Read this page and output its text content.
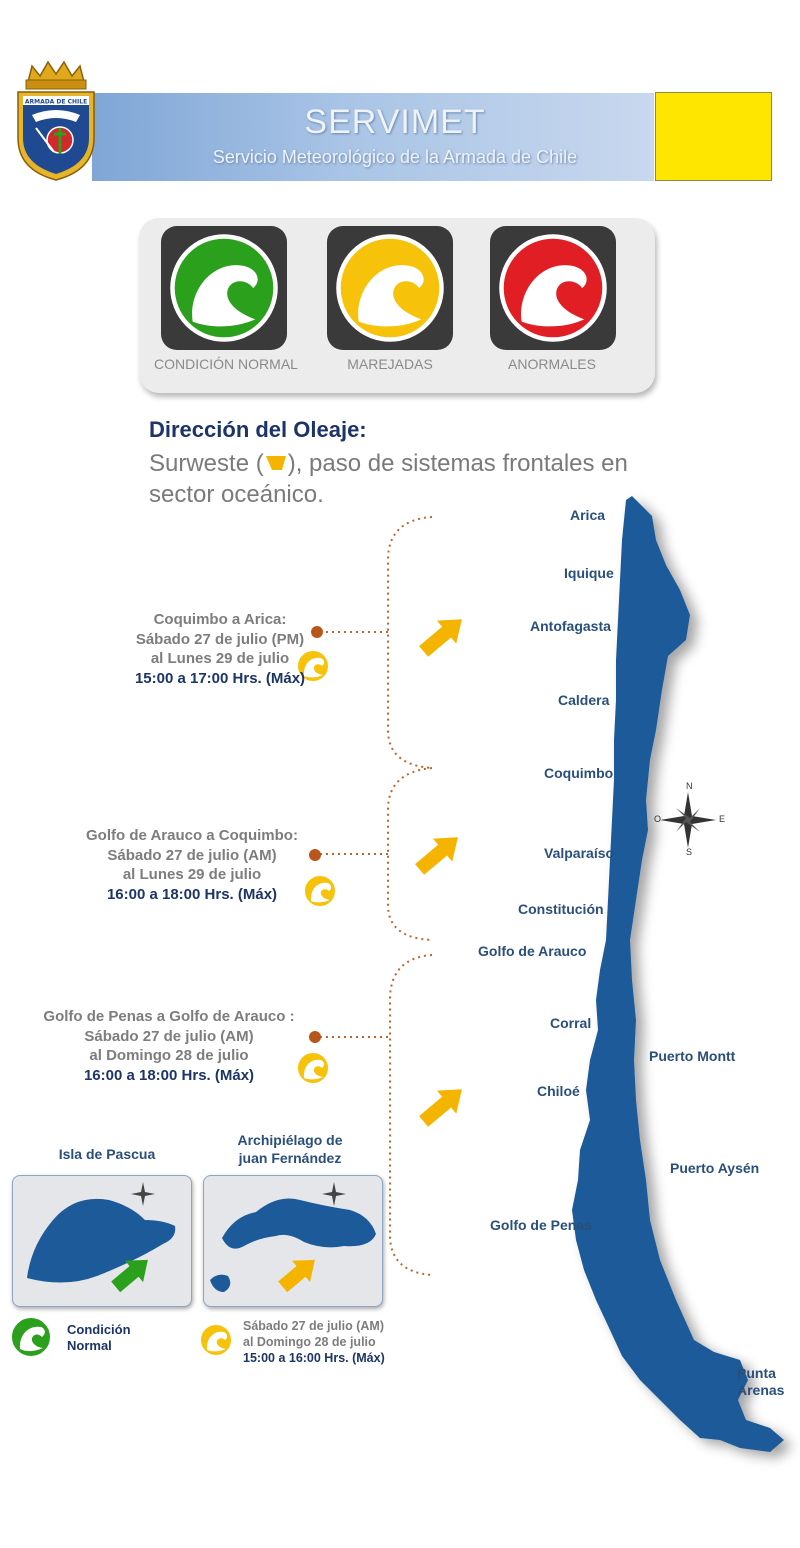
SERVIMET
Servicio Meteorológico de la Armada de Chile
ARMADA DE CHILE
CONDICIÓN NORMAL	MAREJADAS	ANORMALES
Dirección del Oleaje:
Surweste ( ), paso de sistemas frontales en sector oceánico.
N
S
E
O
Arica
Iquique
Antofagasta
Caldera
Coquimbo
Valparaíso
Constitución
Golfo de Arauco
Corral
Puerto Montt
Chiloé
Puerto Aysén
Golfo de Penas
Punta Arenas
Coquimbo a Arica:
Sábado 27 de julio (PM)
al Lunes 29 de julio
15:00 a 17:00 Hrs. (Máx)
Golfo de Arauco a Coquimbo:
Sábado 27 de julio (AM)
al Lunes 29 de julio
16:00 a 18:00 Hrs. (Máx)
Golfo de Penas a Golfo de Arauco :
Sábado 27 de julio (AM)
al Domingo 28 de julio
16:00 a 18:00 Hrs. (Máx)
Isla de Pascua
Archipiélago de
juan Fernández
Condición
Normal
Sábado 27 de julio (AM)
al Domingo 28 de julio
15:00 a 16:00 Hrs. (Máx)
